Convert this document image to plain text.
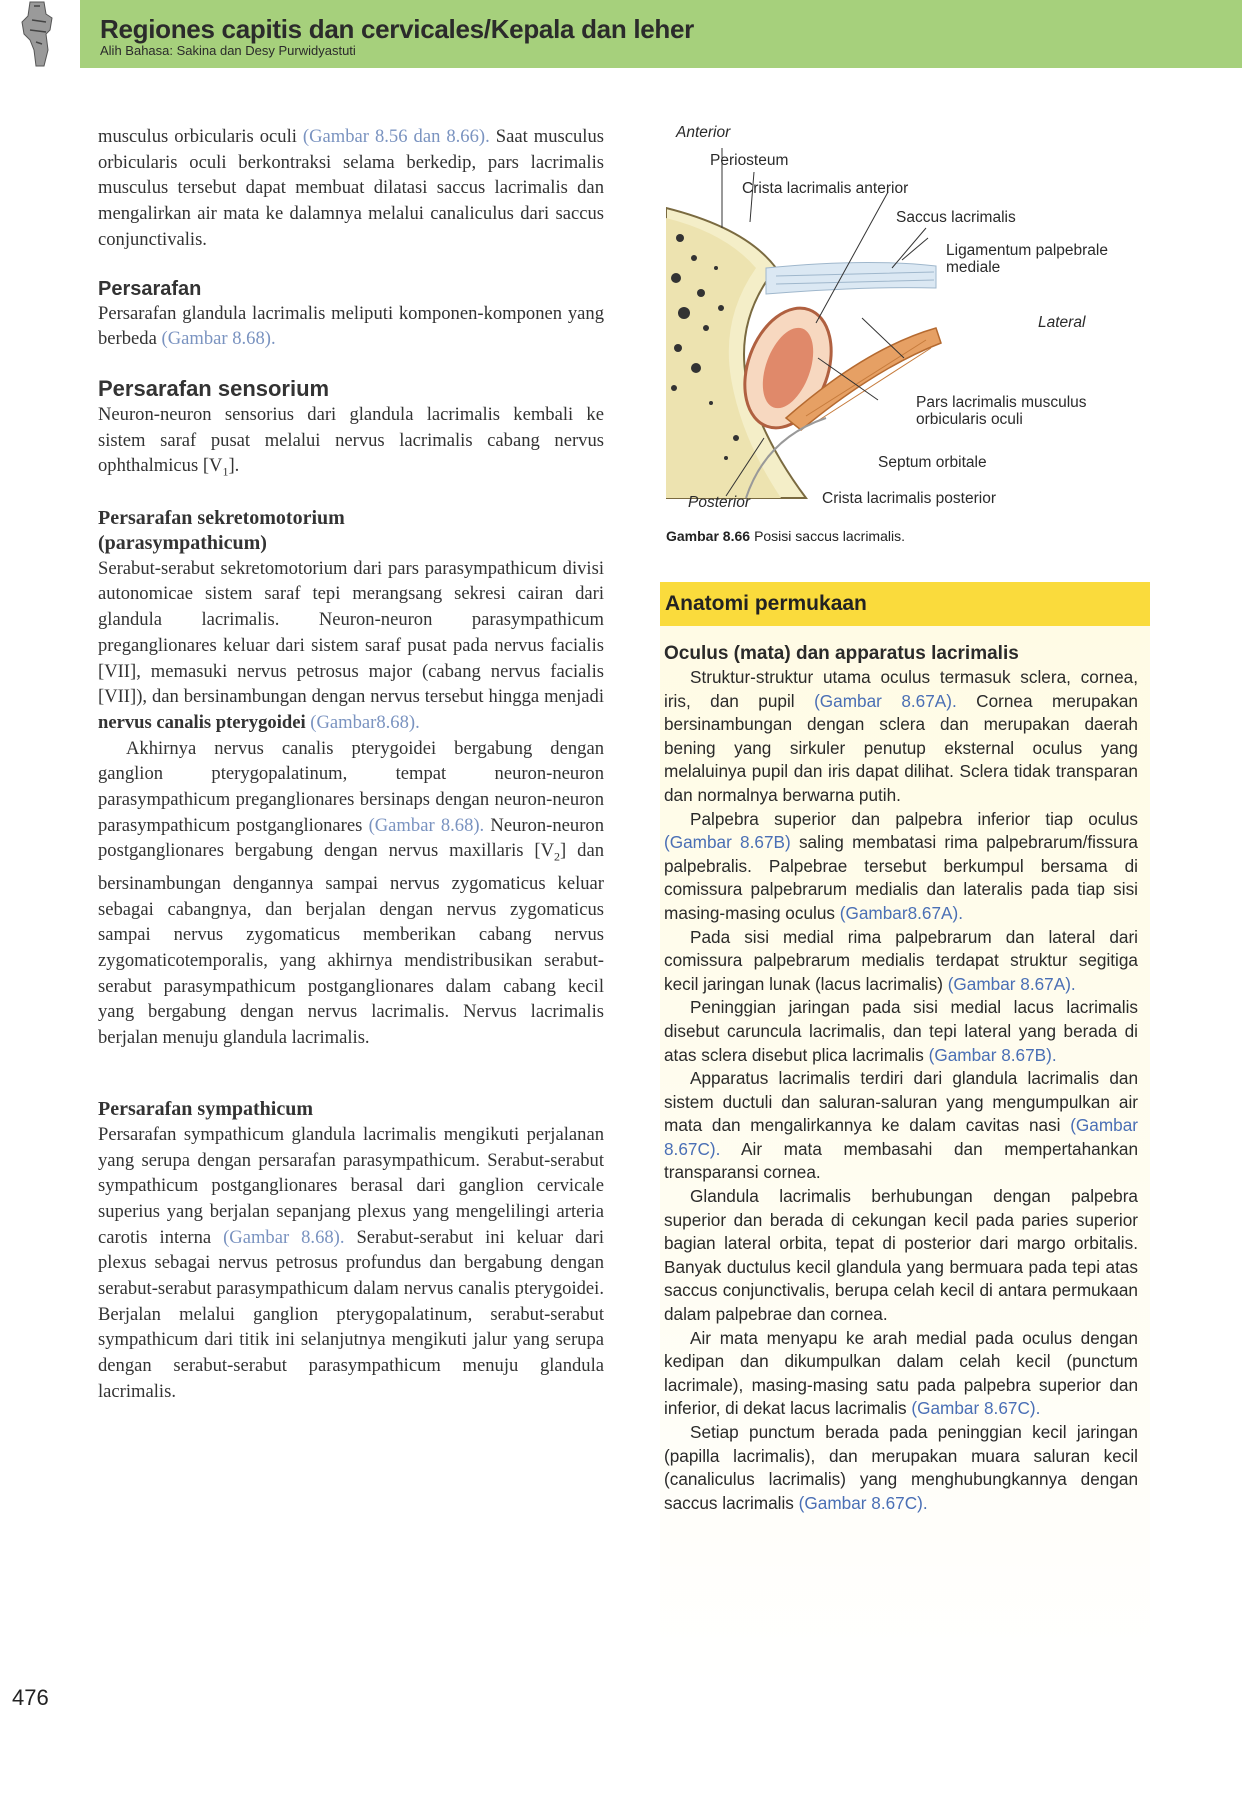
Regiones capitis dan cervicales/Kepala dan leher
Alih Bahasa: Sakina dan Desy Purwidyastuti

musculus orbicularis oculi (Gambar 8.56 dan 8.66). Saat musculus orbicularis oculi berkontraksi selama berkedip, pars lacrimalis musculus tersebut dapat membuat dilatasi saccus lacrimalis dan mengalirkan air mata ke dalamnya melalui canaliculus dari saccus conjunctivalis.

Persarafan

Persarafan glandula lacrimalis meliputi komponen-komponen yang berbeda (Gambar 8.68).

Persarafan sensorium

Neuron-neuron sensorius dari glandula lacrimalis kembali ke sistem saraf pusat melalui nervus lacrimalis cabang nervus ophthalmicus $[V_1]$.

Persarafan sekretomotorium
(parasympathicum)

Serabut-serabut sekretomotorium dari pars parasympathicum divisi autonomicae sistem saraf tepi merangsang sekresi cairan dari glandula lacrimalis. Neuron-neuron parasympathicum preganglionares keluar dari sistem saraf pusat pada nervus facialis [VII], memasuki nervus petrosus major (cabang nervus facialis [VII]), dan bersinambungan dengan nervus tersebut hingga menjadi nervus canalis pterygoidei (Gambar8.68).

Akhirnya nervus canalis pterygoidei bergabung dengan ganglion pterygopalatinum, tempat neuron-neuron parasympathicum preganglionares bersinaps dengan neuron-neuron parasympathicum postganglionares (Gambar 8.68). Neuron-neuron postganglionares bergabung dengan nervus maxillaris $[V_2]$ dan bersinambungan dengannya sampai nervus zygomaticus keluar sebagai cabangnya, dan berjalan dengan nervus zygomaticus sampai nervus zygomaticus memberikan cabang nervus zygomaticotemporalis, yang akhirnya mendistribusikan serabut-serabut parasympathicum postganglionares dalam cabang kecil yang bergabung dengan nervus lacrimalis. Nervus lacrimalis berjalan menuju glandula lacrimalis.

Persarafan sympathicum

Persarafan sympathicum glandula lacrimalis mengikuti perjalanan yang serupa dengan persarafan parasympathicum. Serabut-serabut sympathicum postganglionares berasal dari ganglion cervicale superius yang berjalan sepanjang plexus yang mengelilingi arteria carotis interna (Gambar 8.68). Serabut-serabut ini keluar dari plexus sebagai nervus petrosus profundus dan bergabung dengan serabut-serabut parasympathicum dalam nervus canalis pterygoidei. Berjalan melalui ganglion pterygopalatinum, serabut-serabut sympathicum dari titik ini selanjutnya mengikuti jalur yang serupa dengan serabut-serabut parasympathicum menuju glandula lacrimalis.

Anterior
Periosteum
Crista lacrimalis anterior
Saccus lacrimalis
Ligamentum palpebrale
mediale
Lateral
Pars lacrimalis musculus
orbicularis oculi
Septum orbitale
Posterior	Crista lacrimalis posterior
Gambar 8.66 Posisi saccus lacrimalis.
Anatomi permukaan
Oculus (mata) dan apparatus lacrimalis

Struktur-struktur utama oculus termasuk sclera, cornea, iris, dan pupil (Gambar 8.67A). Cornea merupakan bersinambungan dengan sclera dan merupakan daerah bening yang sirkuler penutup eksternal oculus yang melaluinya pupil dan iris dapat dilihat. Sclera tidak transparan dan normalnya berwarna putih.

Palpebra superior dan palpebra inferior tiap oculus (Gambar 8.67B) saling membatasi rima palpebrarum/fissura palpebralis. Palpebrae tersebut berkumpul bersama di comissura palpebrarum medialis dan lateralis pada tiap sisi masing-masing oculus (Gambar8.67A).

Pada sisi medial rima palpebrarum dan lateral dari comissura palpebrarum medialis terdapat struktur segitiga kecil jaringan lunak (lacus lacrimalis) (Gambar 8.67A).

Peninggian jaringan pada sisi medial lacus lacrimalis disebut caruncula lacrimalis, dan tepi lateral yang berada di atas sclera disebut plica lacrimalis (Gambar 8.67B).

Apparatus lacrimalis terdiri dari glandula lacrimalis dan sistem ductuli dan saluran-saluran yang mengumpulkan air mata dan mengalirkannya ke dalam cavitas nasi (Gambar 8.67C). Air mata membasahi dan mempertahankan transparansi cornea.

Glandula lacrimalis berhubungan dengan palpebra superior dan berada di cekungan kecil pada paries superior bagian lateral orbita, tepat di posterior dari margo orbitalis. Banyak ductulus kecil glandula yang bermuara pada tepi atas saccus conjunctivalis, berupa celah kecil di antara permukaan dalam palpebrae dan cornea.

Air mata menyapu ke arah medial pada oculus dengan kedipan dan dikumpulkan dalam celah kecil (punctum lacrimale), masing-masing satu pada palpebra superior dan inferior, di dekat lacus lacrimalis (Gambar 8.67C).

Setiap punctum berada pada peninggian kecil jaringan (papilla lacrimalis), dan merupakan muara saluran kecil (canaliculus lacrimalis) yang menghubungkannya dengan saccus lacrimalis (Gambar 8.67C).

476
